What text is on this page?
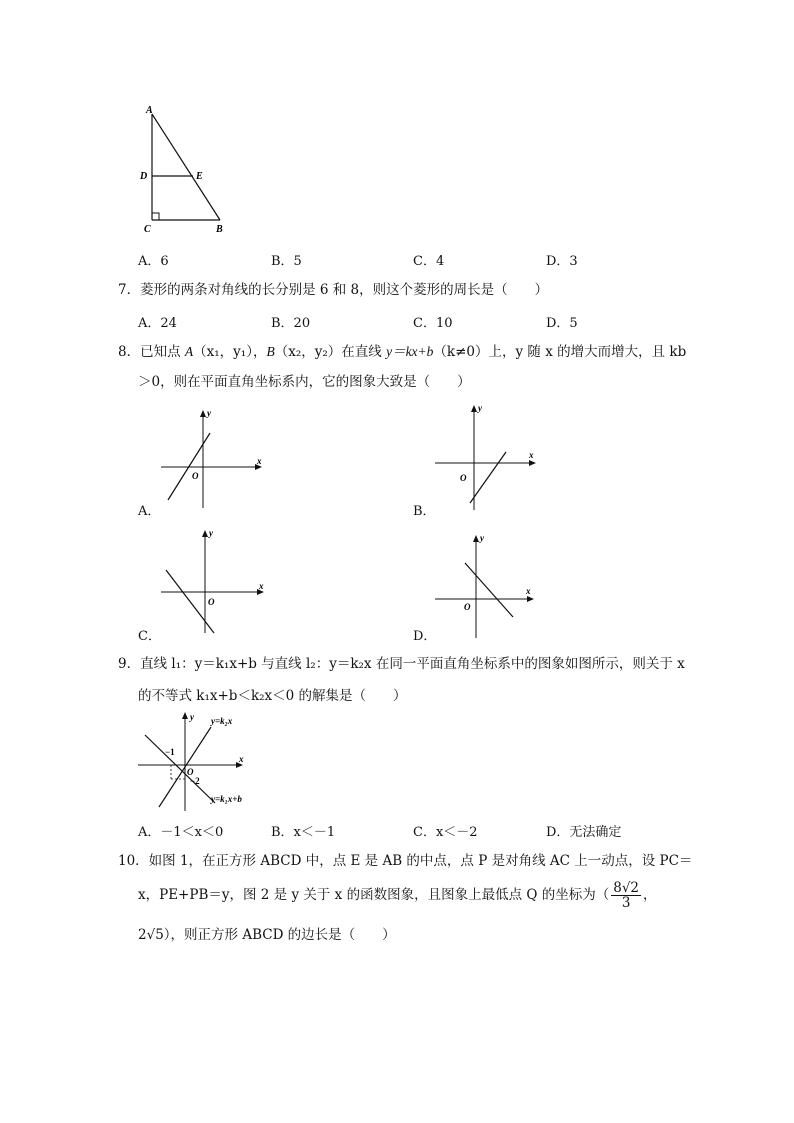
A
D	E
C	B
A．6	B．5	C．4	D．3
7．菱形的两条对角线的长分别是 6 和 8，则这个菱形的周长是（　　）
A．24	B．20	C．10	D．5
8．已知点 A（x₁，y₁），B（x₂，y₂）在直线 y＝kx+b（k≠0）上，y 随 x 的增大而增大，且 kb
＞0，则在平面直角坐标系内，它的图象大致是（　　）
x
y
O
A．
x
y
O
B．
x
y
O
C．
x
y
O
D．
9．直线 l₁：y＝k₁x+b 与直线 l₂：y＝k₂x 在同一平面直角坐标系中的图象如图所示，则关于 x
的不等式 k₁x+b＜k₂x＜0 的解集是（　　）
y
x
O
−1
−2
y=k₂x
y=k₁x+b
A．－1＜x＜0	B．x＜－1	C．x＜－2	D．无法确定
10．如图 1，在正方形 ABCD 中，点 E 是 AB 的中点，点 P 是对角线 AC 上一动点，设 PC＝
x，PE+PB＝y，图 2 是 y 关于 x 的函数图象，且图象上最低点 Q 的坐标为（ $\frac{8√2}{3}$ ，
2√5），则正方形 ABCD 的边长是（　　）
